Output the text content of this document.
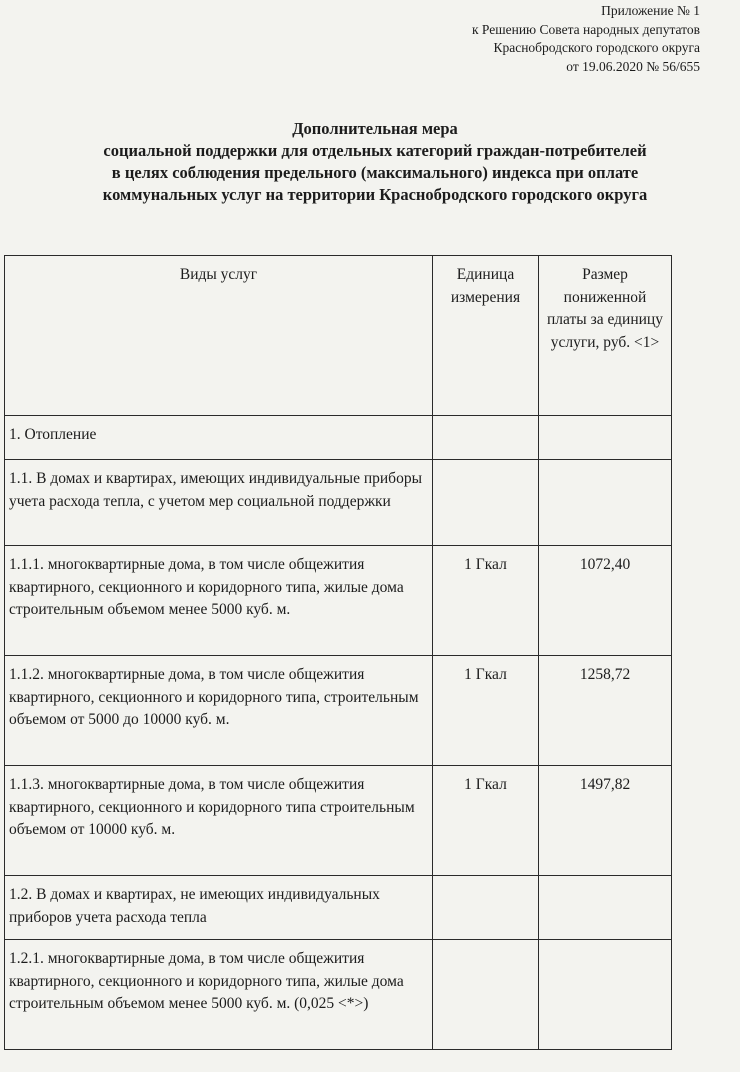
Приложение № 1
к Решению Совета народных депутатов
Краснобродского городского округа
от 19.06.2020 № 56/655
Дополнительная мера
социальной поддержки для отдельных категорий граждан-потребителей
в целях соблюдения предельного (максимального) индекса при оплате
коммунальных услуг на территории Краснобродского городского округа
Виды услуг	Единица измерения	Размер пониженной платы за единицу услуги, руб. <1>
1. Отопление		
1.1. В домах и квартирах, имеющих индивидуальные приборы учета расхода тепла, с учетом мер социальной поддержки		
1.1.1. многоквартирные дома, в том числе общежития квартирного, секционного и коридорного типа, жилые дома строительным объемом менее 5000 куб. м.	1 Гкал	1072,40
1.1.2. многоквартирные дома, в том числе общежития квартирного, секционного и коридорного типа, строительным объемом от 5000 до 10000 куб. м.	1 Гкал	1258,72
1.1.3. многоквартирные дома, в том числе общежития квартирного, секционного и коридорного типа строительным объемом от 10000 куб. м.	1 Гкал	1497,82
1.2. В домах и квартирах, не имеющих индивидуальных приборов учета расхода тепла		
1.2.1. многоквартирные дома, в том числе общежития квартирного, секционного и коридорного типа, жилые дома строительным объемом менее 5000 куб. м. (0,025 <*>)		
